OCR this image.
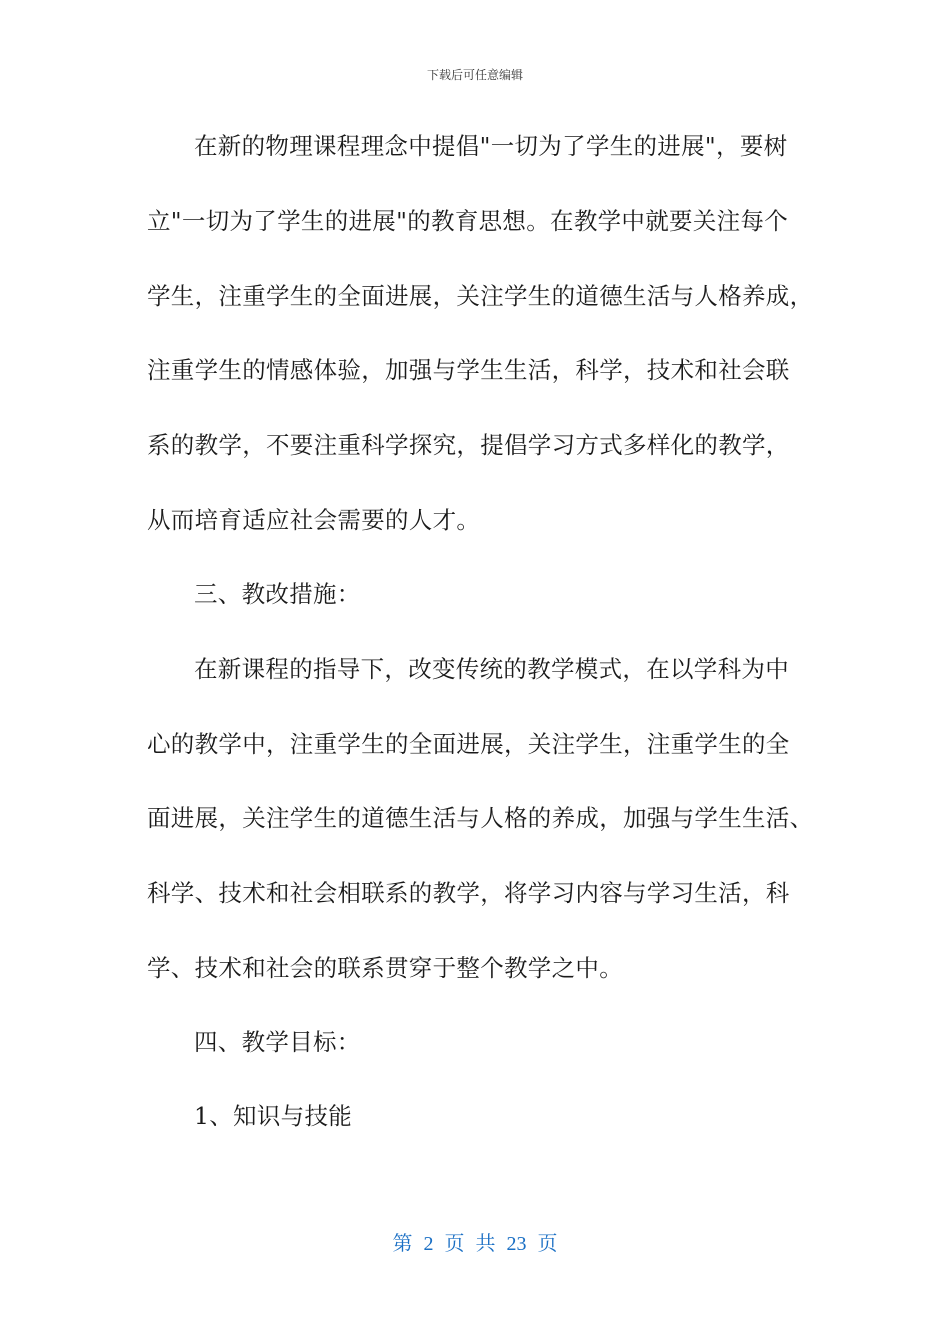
下载后可任意编辑
在新的物理课程理念中提倡"一切为了学生的进展"，要树
立"一切为了学生的进展"的教育思想。在教学中就要关注每个
学生，注重学生的全面进展，关注学生的道德生活与人格养成，
注重学生的情感体验，加强与学生生活，科学，技术和社会联
系的教学，不要注重科学探究，提倡学习方式多样化的教学，
从而培育适应社会需要的人才。
三、教改措施：
在新课程的指导下，改变传统的教学模式，在以学科为中
心的教学中，注重学生的全面进展，关注学生，注重学生的全
面进展，关注学生的道德生活与人格的养成，加强与学生生活、
科学、技术和社会相联系的教学，将学习内容与学习生活，科
学、技术和社会的联系贯穿于整个教学之中。
四、教学目标：
1、知识与技能
第 2 页 共 23 页
